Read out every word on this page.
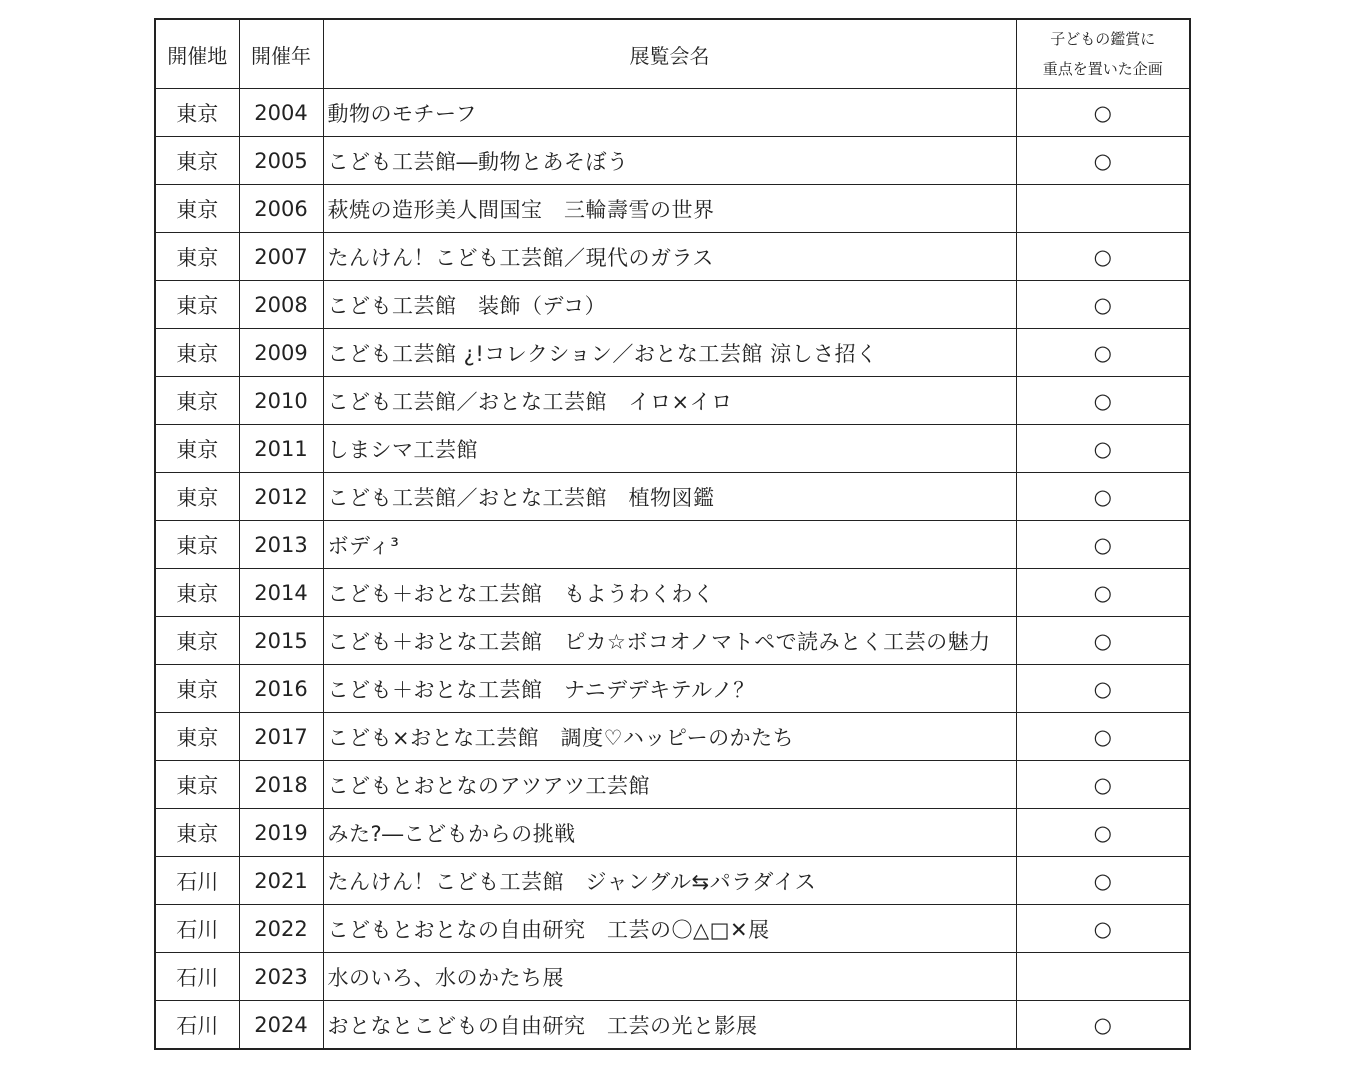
開催地	開催年	展覧会名	子どもの鑑賞に
重点を置いた企画

東京	2004	動物のモチーフ	○
東京	2005	こども工芸館―動物とあそぼう	○
東京	2006	萩焼の造形美人間国宝　三輪壽雪の世界	
東京	2007	たんけん！こども工芸館／現代のガラス	○
東京	2008	こども工芸館　装飾（デコ）	○
東京	2009	こども工芸館 ¿!コレクション／おとな工芸館 涼しさ招く	○
東京	2010	こども工芸館／おとな工芸館　イロ×イロ	○
東京	2011	しまシマ工芸館	○
東京	2012	こども工芸館／おとな工芸館　植物図鑑	○
東京	2013	ボディ³	○
東京	2014	こども＋おとな工芸館　もようわくわく	○
東京	2015	こども＋おとな工芸館　ピカ☆ボコオノマトペで読みとく工芸の魅力	○
東京	2016	こども＋おとな工芸館　ナニデデキテルノ？	○
東京	2017	こども×おとな工芸館　調度♡ハッピーのかたち	○
東京	2018	こどもとおとなのアツアツ工芸館	○
東京	2019	みた?―こどもからの挑戦	○
石川	2021	たんけん！こども工芸館　ジャングル⇆パラダイス	○
石川	2022	こどもとおとなの自由研究　工芸の〇△□✕展	○
石川	2023	水のいろ、水のかたち展	
石川	2024	おとなとこどもの自由研究　工芸の光と影展	○
